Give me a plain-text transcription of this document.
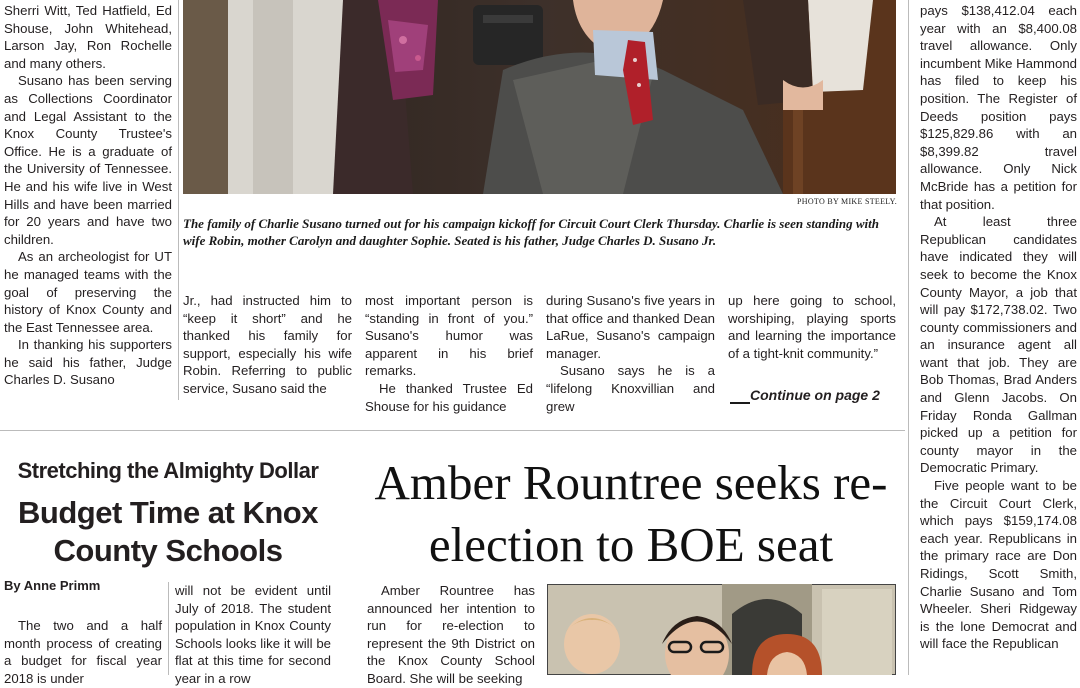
PHOTO BY MIKE STEELY.
The family of Charlie Susano turned out for his campaign kickoff for Circuit Court Clerk Thursday. Charlie is seen standing with wife Robin, mother Carolyn and daughter Sophie. Seated is his father, Judge Charles D. Susano Jr.

Sherri Witt, Ted Hatfield, Ed Shouse, John Whitehead, Larson Jay, Ron Rochelle and many others.

Susano has been serving as Collections Coordinator and Legal Assistant to the Knox County Trustee's Office. He is a graduate of the University of Tennessee. He and his wife live in West Hills and have been married for 20 years and have two children.

As an archeologist for UT he managed teams with the goal of preserving the history of Knox County and the East Tennessee area.

In thanking his supporters he said his father, Judge Charles D. Susano

Jr., had instructed him to “keep it short” and he thanked his family for support, especially his wife Robin. Referring to public service, Susano said the

most important person is “standing in front of you.” Susano's humor was apparent in his brief remarks.

He thanked Trustee Ed Shouse for his guidance

during Susano's five years in that office and thanked Dean LaRue, Susano's campaign manager.

Susano says he is a “lifelong Knoxvillian and grew

up here going to school, worshiping, playing sports and learning the importance of a tight-knit community.”

Continue on page 2

pays $138,412.04 each year with an $8,400.08 travel allowance. Only incumbent Mike Hammond has filed to keep his position. The Register of Deeds position pays $125,829.86 with an $8,399.82 travel allowance. Only Nick McBride has a petition for that position.

At least three Republican candidates have indicated they will seek to become the Knox County Mayor, a job that will pay $172,738.02. Two county commissioners and an insurance agent all want that job. They are Bob Thomas, Brad Anders and Glenn Jacobs. On Friday Ronda Gallman picked up a petition for county mayor in the Democratic Primary.

Five people want to be the Circuit Court Clerk, which pays $159,174.08 each year. Republicans in the primary race are Don Ridings, Scott Smith, Charlie Susano and Tom Wheeler. Sheri Ridgeway is the lone Democrat and will face the Republican

Stretching the Almighty Dollar
Budget Time at Knox County Schools
By Anne Primm

The two and a half month process of creating a budget for fiscal year 2018 is under

will not be evident until July of 2018. The student population in Knox County Schools looks like it will be flat at this time for second year in a row

Amber Rountree seeks re-election to BOE seat

Amber Rountree has announced her intention to run for re-election to represent the 9th District on the Knox County School Board. She will be seeking
